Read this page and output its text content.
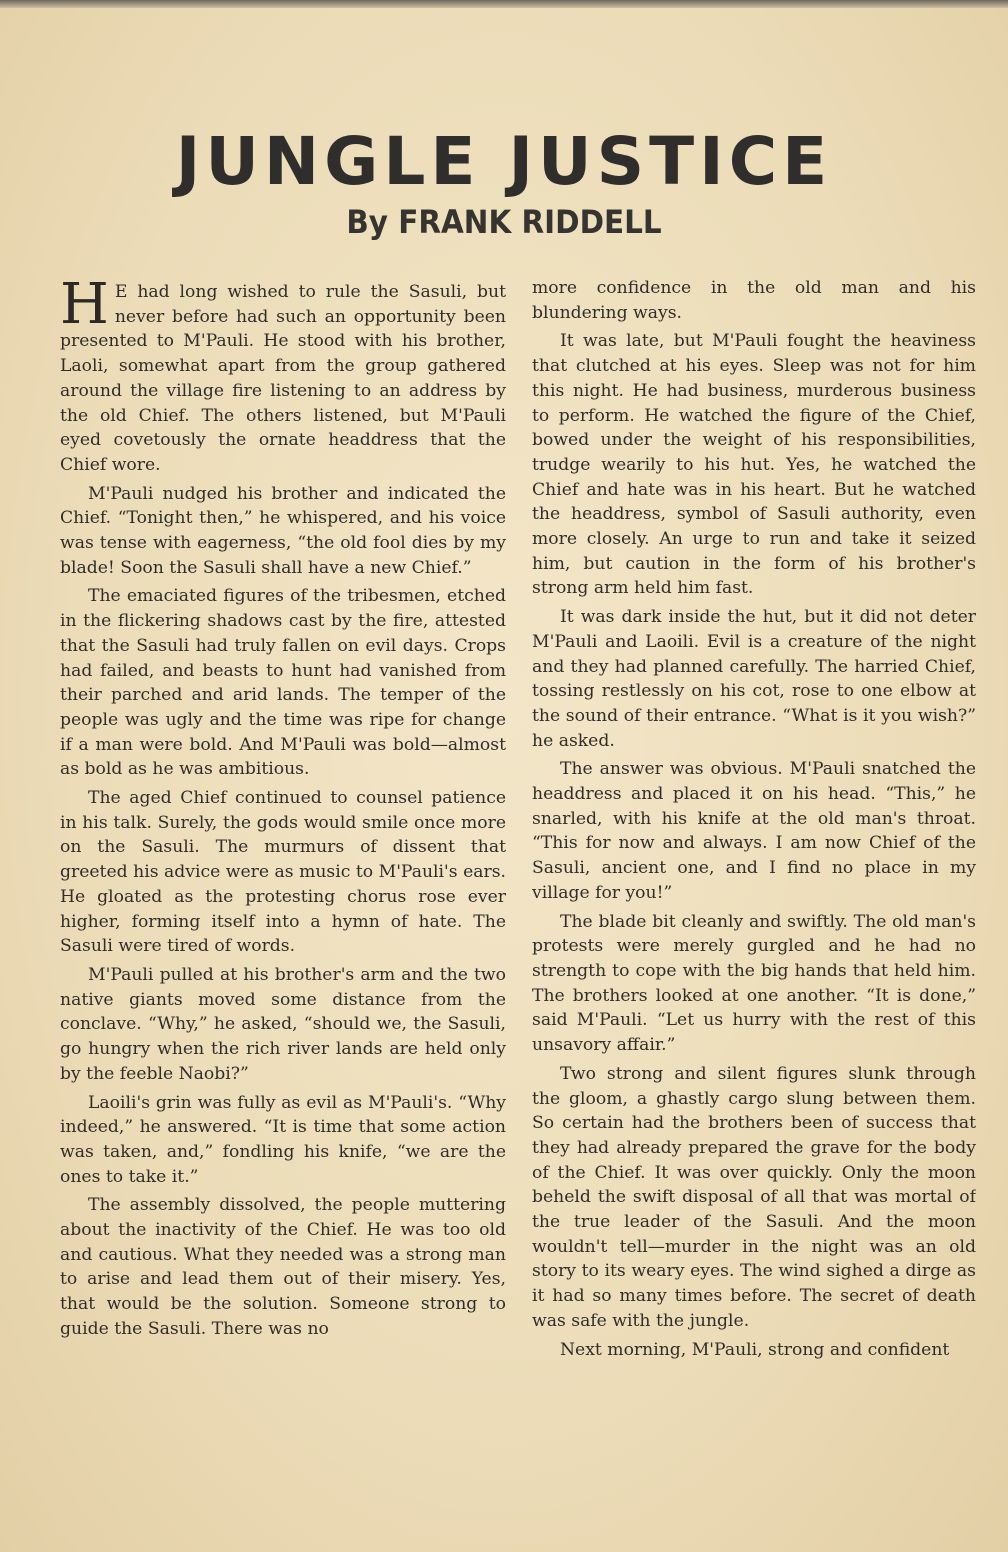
JUNGLE JUSTICE
By FRANK RIDDELL

H E had long wished to rule the Sasuli, but never before had such an opportunity been presented to M'Pauli. He stood with his brother, Laoli, somewhat apart from the group gathered around the village fire listening to an address by the old Chief. The others listened, but M'Pauli eyed covetously the ornate headdress that the Chief wore.

M'Pauli nudged his brother and indicated the Chief. “Tonight then,” he whispered, and his voice was tense with eagerness, “the old fool dies by my blade! Soon the Sasuli shall have a new Chief.”

The emaciated figures of the tribesmen, etched in the flickering shadows cast by the fire, attested that the Sasuli had truly fallen on evil days. Crops had failed, and beasts to hunt had vanished from their parched and arid lands. The temper of the people was ugly and the time was ripe for change if a man were bold. And M'Pauli was bold—almost as bold as he was ambitious.

The aged Chief continued to counsel patience in his talk. Surely, the gods would smile once more on the Sasuli. The murmurs of dissent that greeted his advice were as music to M'Pauli's ears. He gloated as the protesting chorus rose ever higher, forming itself into a hymn of hate. The Sasuli were tired of words.

M'Pauli pulled at his brother's arm and the two native giants moved some distance from the conclave. “Why,” he asked, “should we, the Sasuli, go hungry when the rich river lands are held only by the feeble Naobi?”

Laoili's grin was fully as evil as M'Pauli's. “Why indeed,” he answered. “It is time that some action was taken, and,” fondling his knife, “we are the ones to take it.”

The assembly dissolved, the people muttering about the inactivity of the Chief. He was too old and cautious. What they needed was a strong man to arise and lead them out of their misery. Yes, that would be the solution. Someone strong to guide the Sasuli. There was no

more confidence in the old man and his blundering ways.

It was late, but M'Pauli fought the heaviness that clutched at his eyes. Sleep was not for him this night. He had business, murderous business to perform. He watched the figure of the Chief, bowed under the weight of his responsibilities, trudge wearily to his hut. Yes, he watched the Chief and hate was in his heart. But he watched the headdress, symbol of Sasuli authority, even more closely. An urge to run and take it seized him, but caution in the form of his brother's strong arm held him fast.

It was dark inside the hut, but it did not deter M'Pauli and Laoili. Evil is a creature of the night and they had planned carefully. The harried Chief, tossing restlessly on his cot, rose to one elbow at the sound of their entrance. “What is it you wish?” he asked.

The answer was obvious. M'Pauli snatched the headdress and placed it on his head. “This,” he snarled, with his knife at the old man's throat. “This for now and always. I am now Chief of the Sasuli, ancient one, and I find no place in my village for you!”

The blade bit cleanly and swiftly. The old man's protests were merely gurgled and he had no strength to cope with the big hands that held him. The brothers looked at one another. “It is done,” said M'Pauli. “Let us hurry with the rest of this unsavory affair.”

Two strong and silent figures slunk through the gloom, a ghastly cargo slung between them. So certain had the brothers been of success that they had already prepared the grave for the body of the Chief. It was over quickly. Only the moon beheld the swift disposal of all that was mortal of the true leader of the Sasuli. And the moon wouldn't tell—murder in the night was an old story to its weary eyes. The wind sighed a dirge as it had so many times before. The secret of death was safe with the jungle.

Next morning, M'Pauli, strong and confident
